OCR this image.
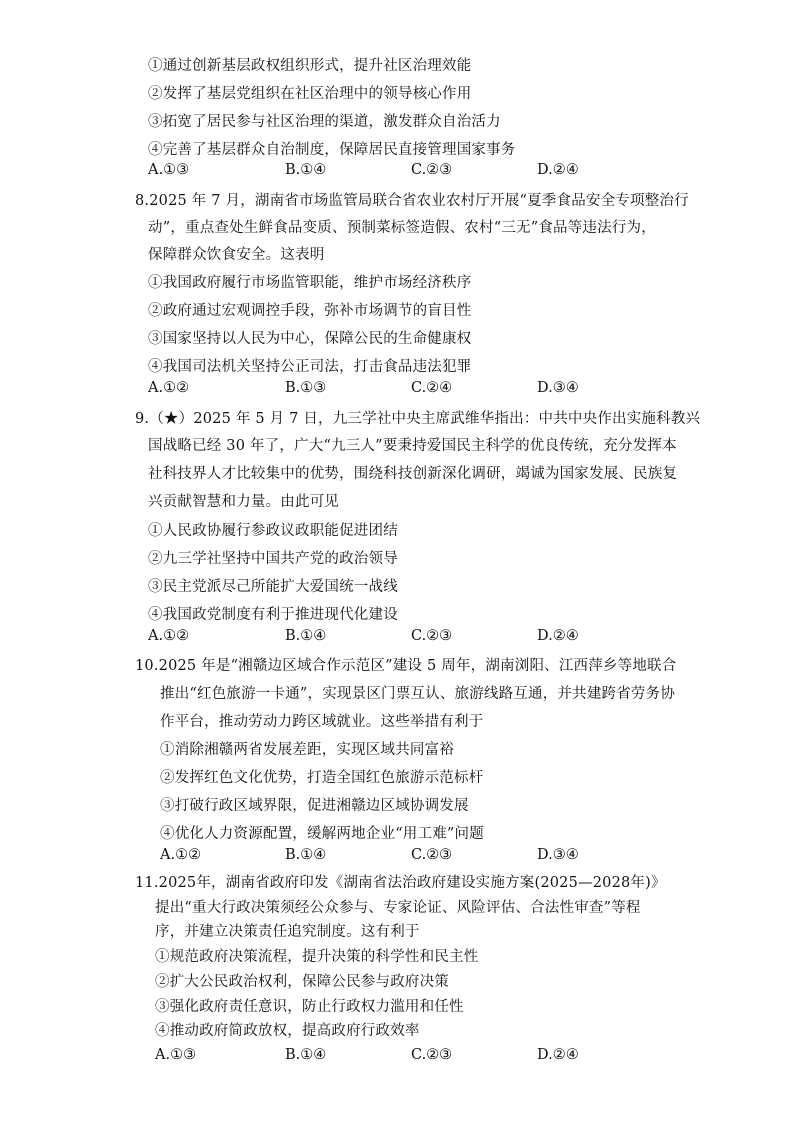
①通过创新基层政权组织形式，提升社区治理效能
②发挥了基层党组织在社区治理中的领导核心作用
③拓宽了居民参与社区治理的渠道，激发群众自治活力
④完善了基层群众自治制度，保障居民直接管理国家事务
A.①③	B.①④	C.②③	D.②④
8.2025 年 7 月，湖南省市场监管局联合省农业农村厅开展“夏季食品安全专项整治行
动”，重点查处生鲜食品变质、预制菜标签造假、农村“三无”食品等违法行为，
保障群众饮食安全。这表明
①我国政府履行市场监管职能，维护市场经济秩序
②政府通过宏观调控手段，弥补市场调节的盲目性
③国家坚持以人民为中心，保障公民的生命健康权
④我国司法机关坚持公正司法，打击食品违法犯罪
A.①②	B.①③	C.②④	D.③④
9.（★）2025 年 5 月 7 日，九三学社中央主席武维华指出：中共中央作出实施科教兴
国战略已经 30 年了，广大“九三人”要秉持爱国民主科学的优良传统，充分发挥本
社科技界人才比较集中的优势，围绕科技创新深化调研，竭诚为国家发展、民族复
兴贡献智慧和力量。由此可见
①人民政协履行参政议政职能促进团结
②九三学社坚持中国共产党的政治领导
③民主党派尽己所能扩大爱国统一战线
④我国政党制度有利于推进现代化建设
A.①②	B.①④	C.②③	D.②④
10.2025 年是“湘赣边区域合作示范区”建设 5 周年，湖南浏阳、江西萍乡等地联合
推出“红色旅游一卡通”，实现景区门票互认、旅游线路互通，并共建跨省劳务协
作平台，推动劳动力跨区域就业。这些举措有利于
①消除湘赣两省发展差距，实现区域共同富裕
②发挥红色文化优势，打造全国红色旅游示范标杆
③打破行政区域界限，促进湘赣边区域协调发展
④优化人力资源配置，缓解两地企业“用工难”问题
A.①②	B.①④	C.②③	D.③④
11.2025年，湖南省政府印发《湖南省法治政府建设实施方案(2025—2028年)》
提出“重大行政决策须经公众参与、专家论证、风险评估、合法性审查”等程
序，并建立决策责任追究制度。这有利于
①规范政府决策流程，提升决策的科学性和民主性
②扩大公民政治权利，保障公民参与政府决策
③强化政府责任意识，防止行政权力滥用和任性
④推动政府简政放权，提高政府行政效率
A.①③	B.①④	C.②③	D.②④
